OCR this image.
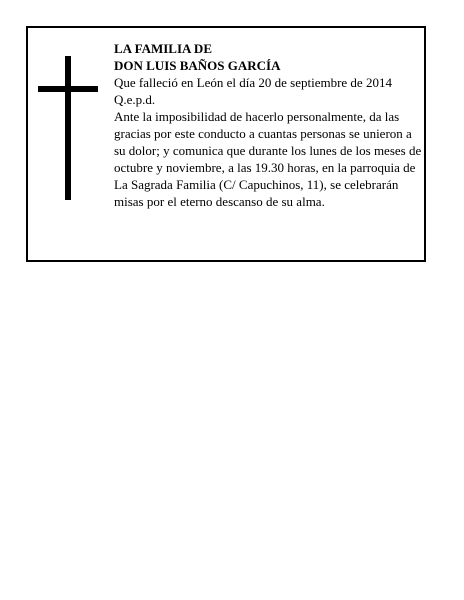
LA FAMILIA DE

DON LUIS BAÑOS GARCÍA

Que falleció en León el día 20 de septiembre de 2014

Q.e.p.d.

Ante la imposibilidad de hacerlo personalmente, da las gracias por este conducto a cuantas personas se unieron a su dolor; y comunica que durante los lunes de los meses de octubre y noviembre, a las 19.30 horas, en la parroquia de La Sagrada Familia (C/ Capuchinos, 11), se celebrarán misas por el eterno descanso de su alma.
